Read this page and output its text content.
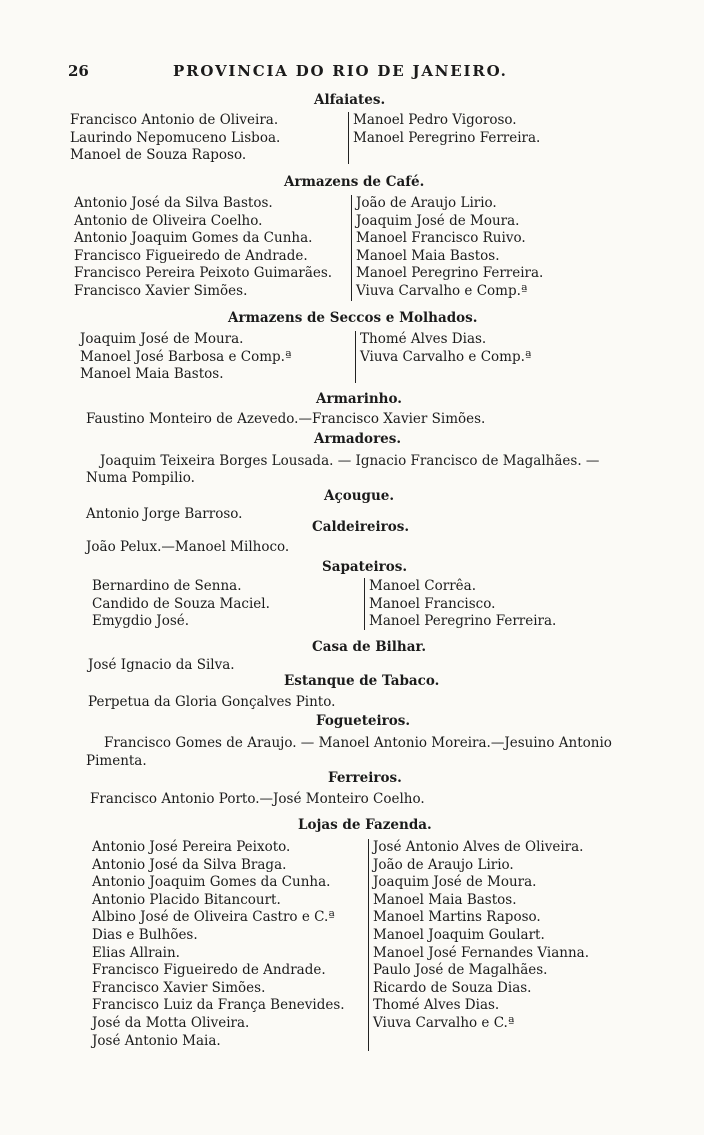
26	PROVINCIA DO RIO DE JANEIRO.
Alfaiates.
Francisco Antonio de Oliveira.
Laurindo Nepomuceno Lisboa.
Manoel de Souza Raposo.
Manoel Pedro Vigoroso.
Manoel Peregrino Ferreira.
Armazens de Café.
Antonio José da Silva Bastos.
Antonio de Oliveira Coelho.
Antonio Joaquim Gomes da Cunha.
Francisco Figueiredo de Andrade.
Francisco Pereira Peixoto Guimarães.
Francisco Xavier Simões.
João de Araujo Lirio.
Joaquim José de Moura.
Manoel Francisco Ruivo.
Manoel Maia Bastos.
Manoel Peregrino Ferreira.
Viuva Carvalho e Comp.ª
Armazens de Seccos e Molhados.
Joaquim José de Moura.
Manoel José Barbosa e Comp.ª
Manoel Maia Bastos.
Thomé Alves Dias.
Viuva Carvalho e Comp.ª
Armarinho.
Faustino Monteiro de Azevedo.—Francisco Xavier Simões.
Armadores.
Joaquim Teixeira Borges Lousada. — Ignacio Francisco de Magalhães. —
Numa Pompilio.
Açougue.
Antonio Jorge Barroso.
Caldeireiros.
João Pelux.—Manoel Milhoco.
Sapateiros.
Bernardino de Senna.
Candido de Souza Maciel.
Emygdio José.
Manoel Corrêa.
Manoel Francisco.
Manoel Peregrino Ferreira.
Casa de Bilhar.
José Ignacio da Silva.
Estanque de Tabaco.
Perpetua da Gloria Gonçalves Pinto.
Fogueteiros.
Francisco Gomes de Araujo. — Manoel Antonio Moreira.—Jesuino Antonio
Pimenta.
Ferreiros.
Francisco Antonio Porto.—José Monteiro Coelho.
Lojas de Fazenda.
Antonio José Pereira Peixoto.
Antonio José da Silva Braga.
Antonio Joaquim Gomes da Cunha.
Antonio Placido Bitancourt.
Albino José de Oliveira Castro e C.ª
Dias e Bulhões.
Elias Allrain.
Francisco Figueiredo de Andrade.
Francisco Xavier Simões.
Francisco Luiz da França Benevides.
José da Motta Oliveira.
José Antonio Maia.
José Antonio Alves de Oliveira.
João de Araujo Lirio.
Joaquim José de Moura.
Manoel Maia Bastos.
Manoel Martins Raposo.
Manoel Joaquim Goulart.
Manoel José Fernandes Vianna.
Paulo José de Magalhães.
Ricardo de Souza Dias.
Thomé Alves Dias.
Viuva Carvalho e C.ª
